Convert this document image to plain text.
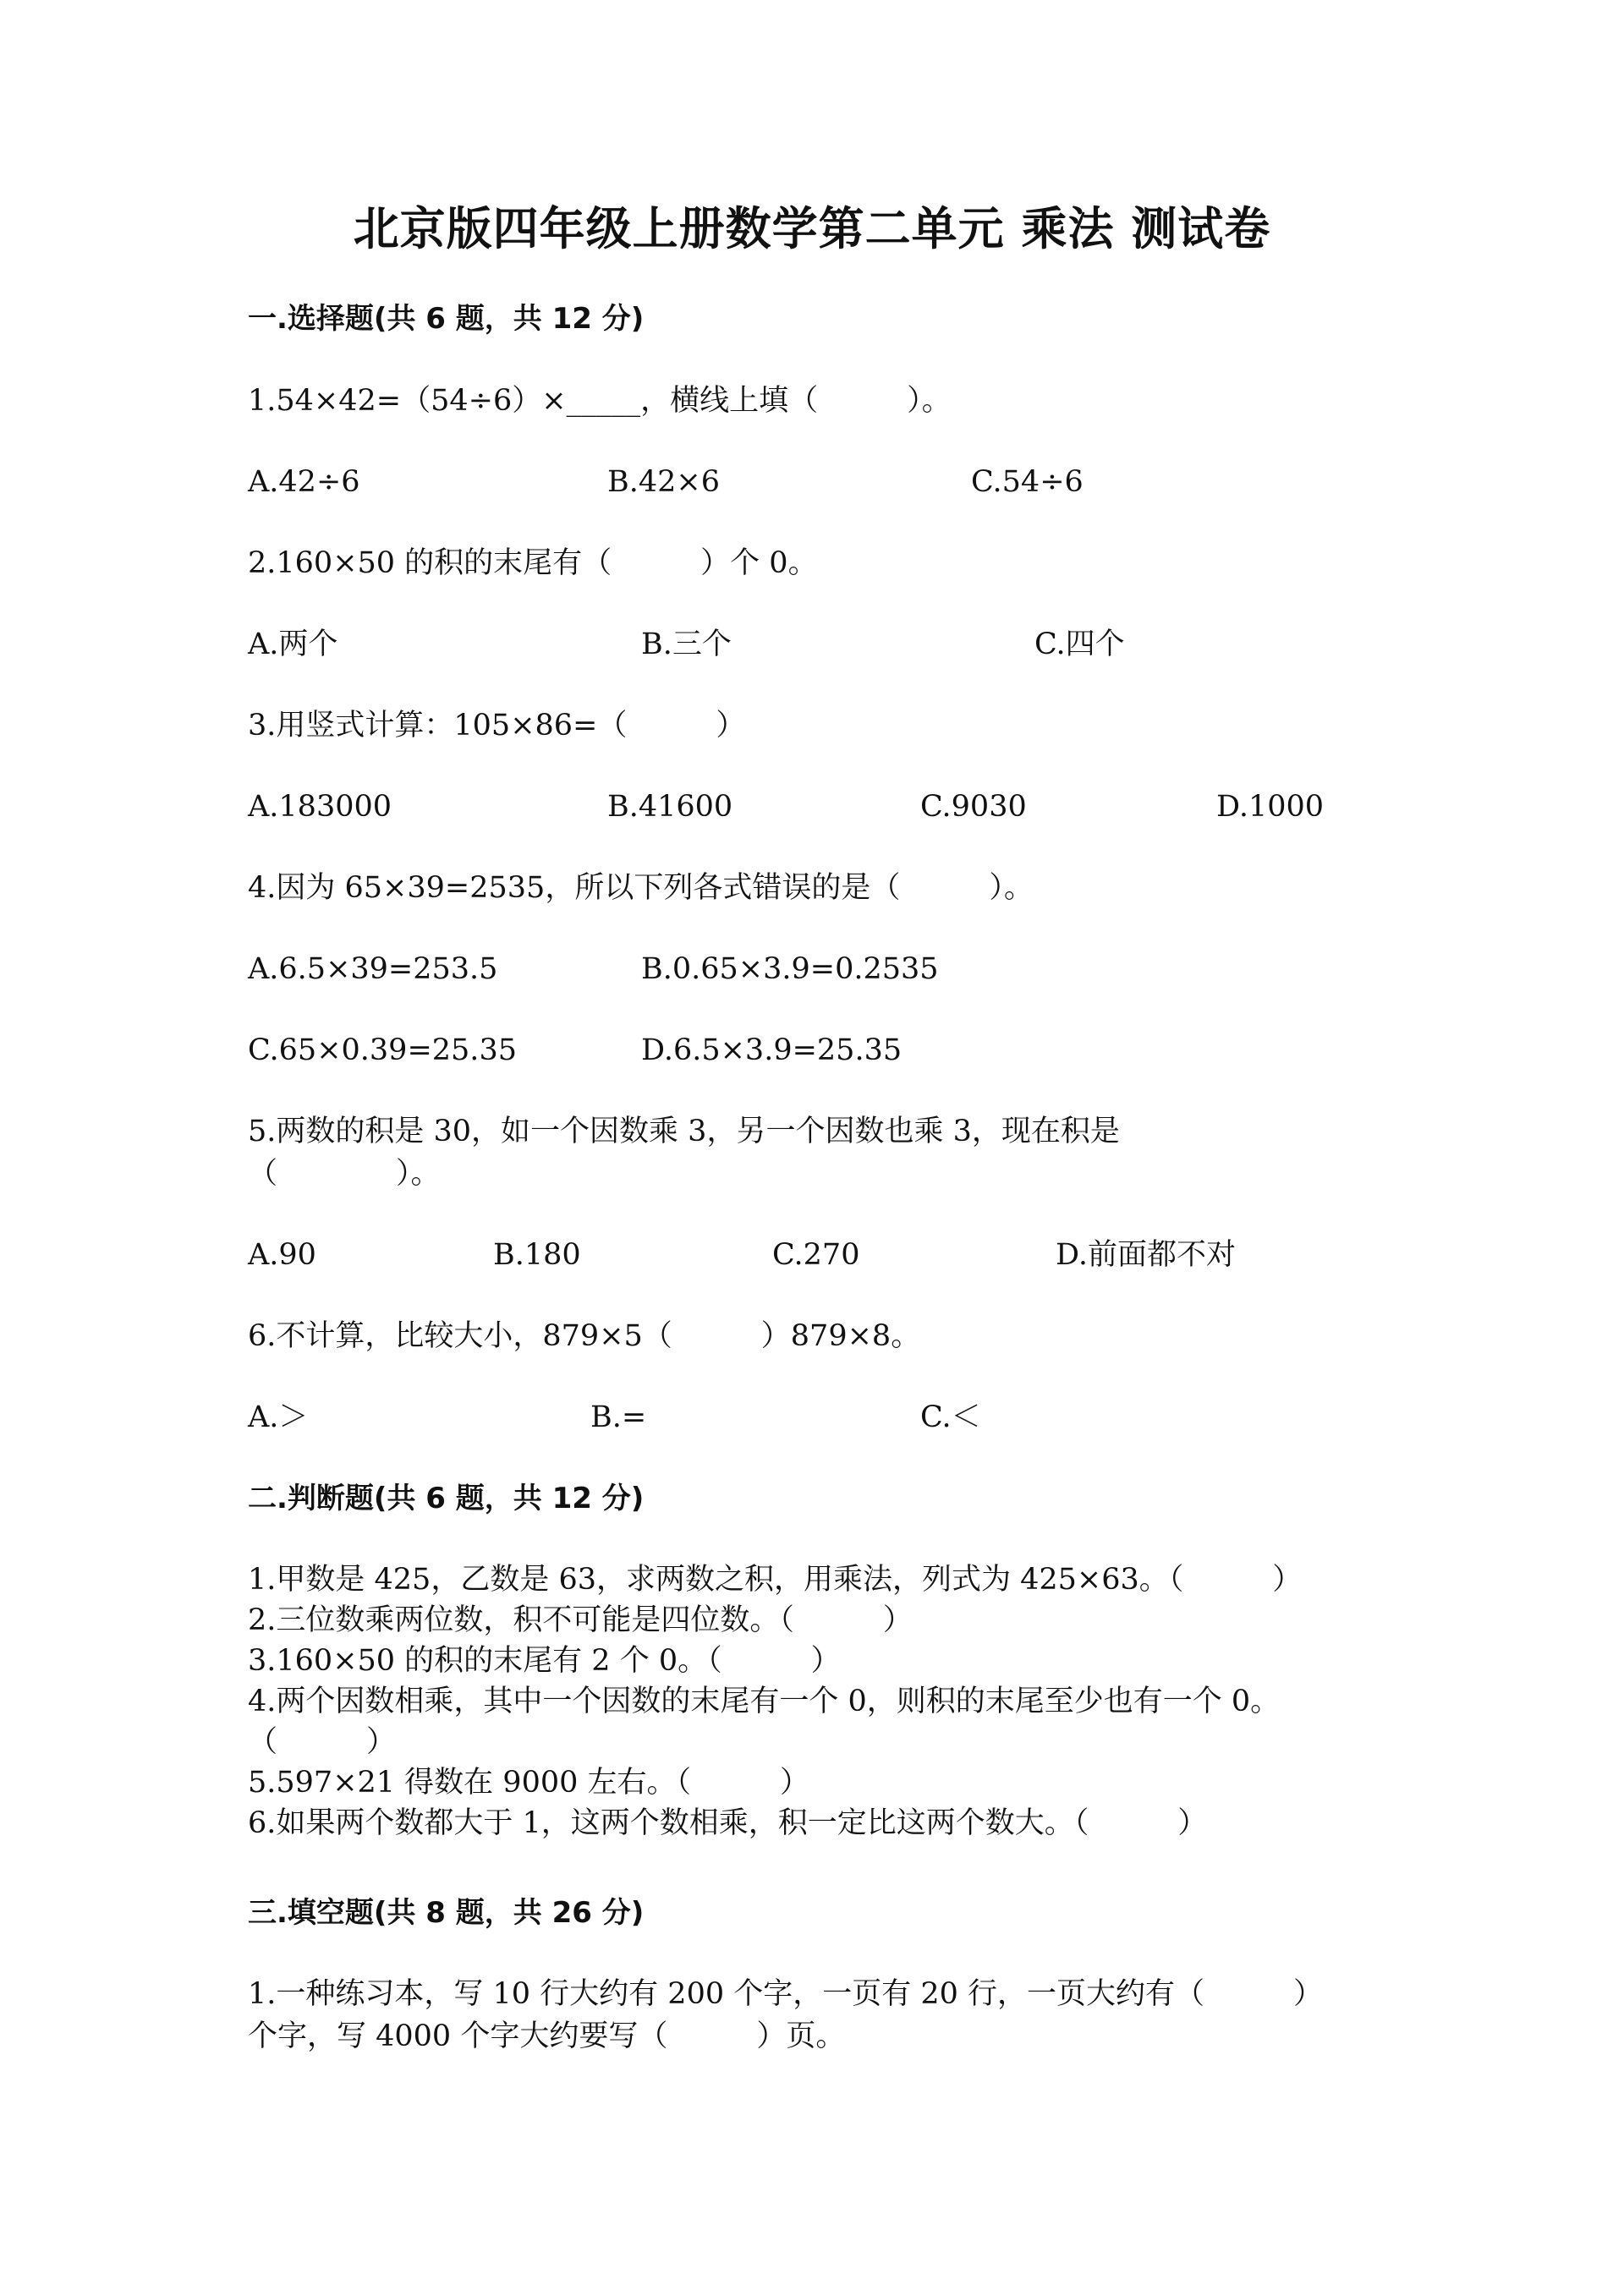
北京版四年级上册数学第二单元 乘法 测试卷
一.选择题(共 6 题，共 12 分)
1.54×42=（54÷6）×_____，横线上填（　　　）。
A.42÷6	B.42×6	C.54÷6
2.160×50 的积的末尾有（　　　）个 0。
A.两个	B.三个	C.四个
3.用竖式计算：105×86=（　　　）
A.183000	B.41600	C.9030	D.1000
4.因为 65×39=2535，所以下列各式错误的是（　　　）。
A.6.5×39=253.5	B.0.65×3.9=0.2535
C.65×0.39=25.35	D.6.5×3.9=25.35
5.两数的积是 30，如一个因数乘 3，另一个因数也乘 3，现在积是
（　　　　）。
A.90	B.180	C.270	D.前面都不对
6.不计算，比较大小，879×5（　　　）879×8。
A.＞	B.=	C.＜
二.判断题(共 6 题，共 12 分)
1.甲数是 425，乙数是 63，求两数之积，用乘法，列式为 425×63。（　　　）
2.三位数乘两位数，积不可能是四位数。（　　　）
3.160×50 的积的末尾有 2 个 0。（　　　）
4.两个因数相乘，其中一个因数的末尾有一个 0，则积的末尾至少也有一个 0。
（　　　）
5.597×21 得数在 9000 左右。（　　　）
6.如果两个数都大于 1，这两个数相乘，积一定比这两个数大。（　　　）
三.填空题(共 8 题，共 26 分)
1.一种练习本，写 10 行大约有 200 个字，一页有 20 行，一页大约有（　　　）
个字，写 4000 个字大约要写（　　　）页。
